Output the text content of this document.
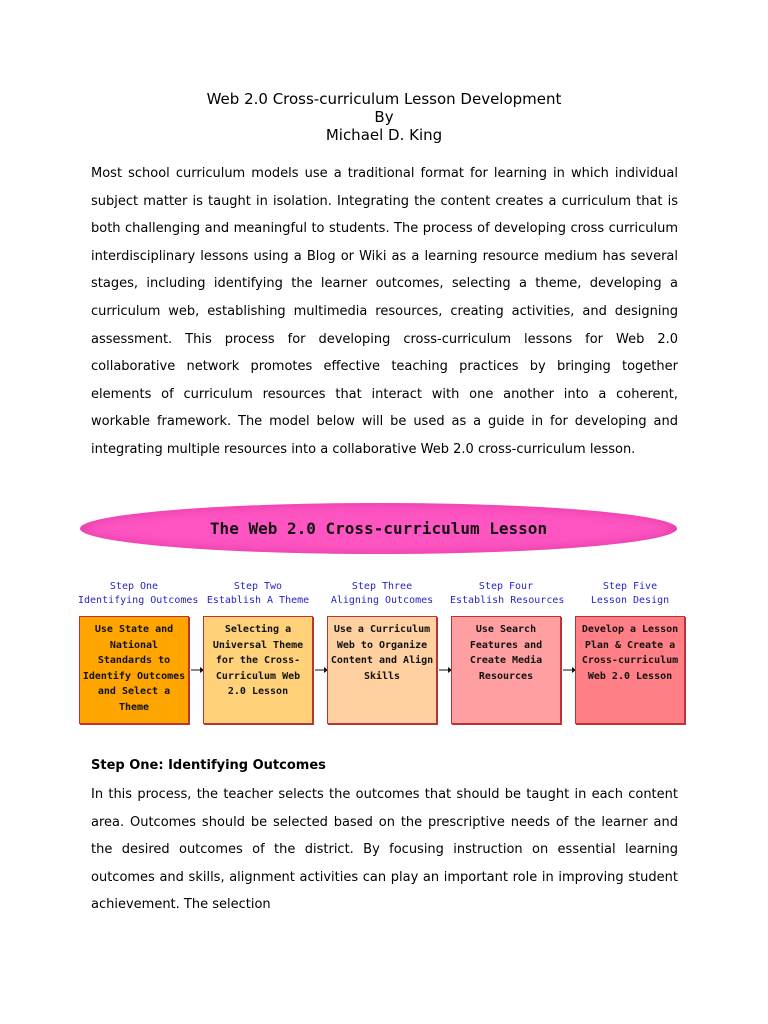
Web 2.0 Cross-curriculum Lesson Development
By
Michael D. King

Most school curriculum models use a traditional format for learning in which individual subject matter is taught in isolation. Integrating the content creates a curriculum that is both challenging and meaningful to students. The process of developing cross curriculum interdisciplinary lessons using a Blog or Wiki as a learning resource medium has several stages, including identifying the learner outcomes, selecting a theme, developing a curriculum web, establishing multimedia resources, creating activities, and designing assessment. This process for developing cross-curriculum lessons for Web 2.0 collaborative network promotes effective teaching practices by bringing together elements of curriculum resources that interact with one another into a coherent, workable framework. The model below will be used as a guide in for developing and integrating multiple resources into a collaborative Web 2.0 cross-curriculum lesson.

The Web 2.0 Cross-curriculum Lesson
Step One
Identifying Outcomes
Use State and National Standards to Identify Outcomes and Select a Theme
Step Two
Establish A Theme
Selecting a Universal Theme for the Cross-Curriculum Web 2.0 Lesson
Step Three
Aligning Outcomes
Use a Curriculum Web to Organize Content and Align Skills
Step Four
Establish Resources
Use Search Features and Create Media Resources
Step Five
Lesson Design
Develop a Lesson Plan & Create a Cross-curriculum Web 2.0 Lesson
Step One: Identifying Outcomes

In this process, the teacher selects the outcomes that should be taught in each content area. Outcomes should be selected based on the prescriptive needs of the learner and the desired outcomes of the district. By focusing instruction on essential learning outcomes and skills, alignment activities can play an important role in improving student achievement. The selection
